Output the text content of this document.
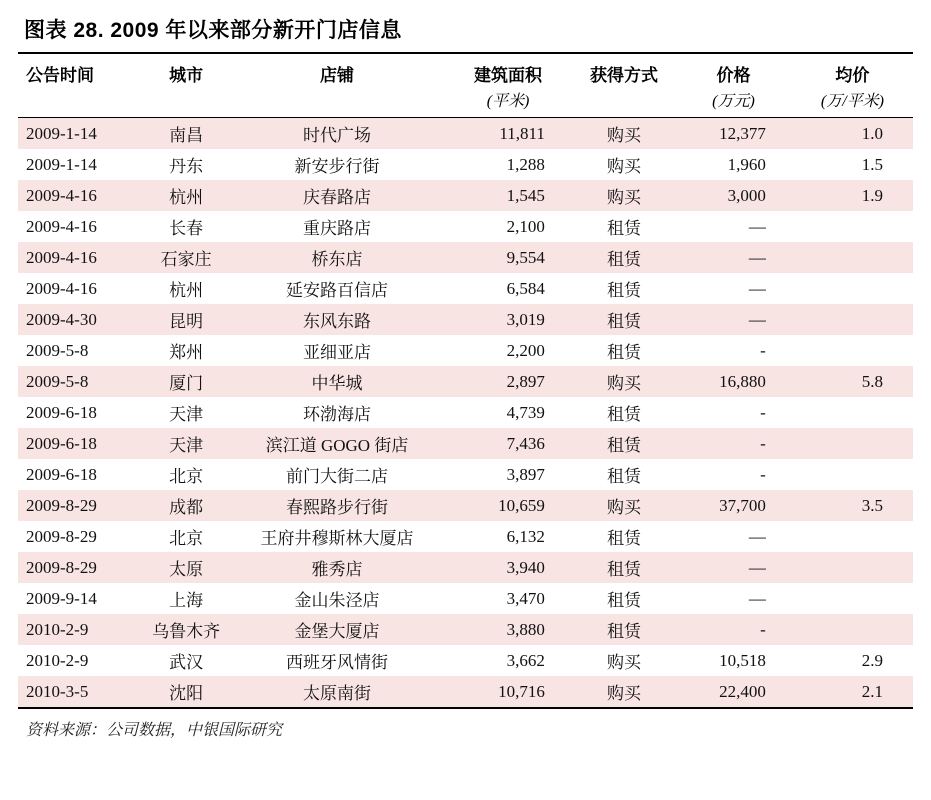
图表 28. 2009 年以来部分新开门店信息
公告时间	城市	店铺	建筑面积	获得方式	价格	均价
			(平米)		(万元)	(万/平米)
2009-1-14	南昌	时代广场	11,811	购买	12,377	1.0
2009-1-14	丹东	新安步行街	1,288	购买	1,960	1.5
2009-4-16	杭州	庆春路店	1,545	购买	3,000	1.9
2009-4-16	长春	重庆路店	2,100	租赁	—	
2009-4-16	石家庄	桥东店	9,554	租赁	—	
2009-4-16	杭州	延安路百信店	6,584	租赁	—	
2009-4-30	昆明	东风东路	3,019	租赁	—	
2009-5-8	郑州	亚细亚店	2,200	租赁	-	
2009-5-8	厦门	中华城	2,897	购买	16,880	5.8
2009-6-18	天津	环渤海店	4,739	租赁	-	
2009-6-18	天津	滨江道 GOGO 街店	7,436	租赁	-	
2009-6-18	北京	前门大街二店	3,897	租赁	-	
2009-8-29	成都	春熙路步行街	10,659	购买	37,700	3.5
2009-8-29	北京	王府井穆斯林大厦店	6,132	租赁	—	
2009-8-29	太原	雅秀店	3,940	租赁	—	
2009-9-14	上海	金山朱泾店	3,470	租赁	—	
2010-2-9	乌鲁木齐	金堡大厦店	3,880	租赁	-	
2010-2-9	武汉	西班牙风情街	3,662	购买	10,518	2.9
2010-3-5	沈阳	太原南街	10,716	购买	22,400	2.1
资料来源：公司数据，中银国际研究
